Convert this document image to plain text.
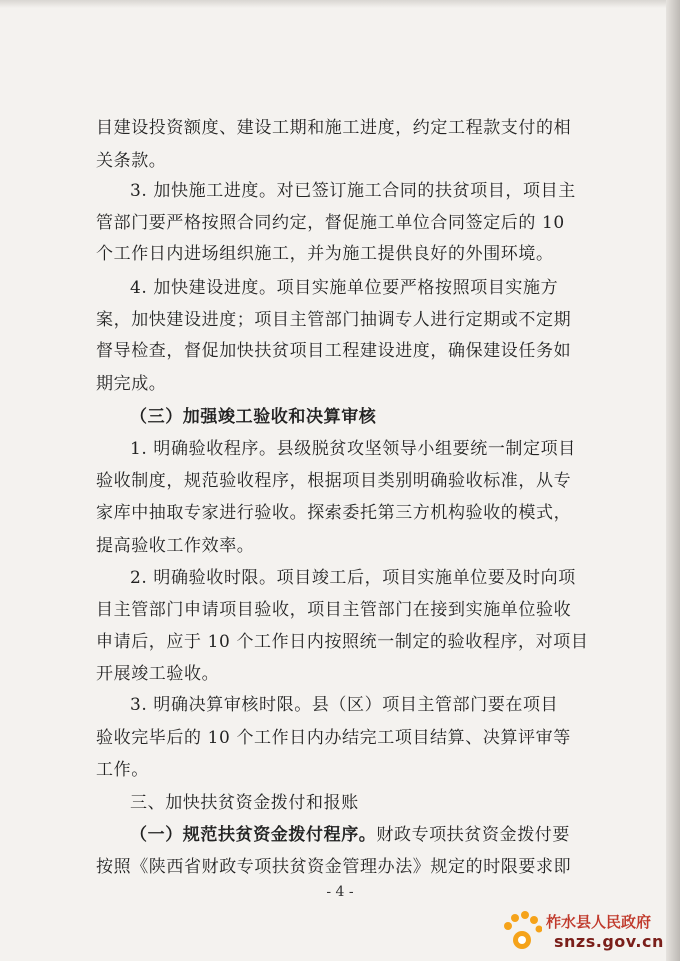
目建设投资额度、建设工期和施工进度，约定工程款支付的相
关条款。
3. 加快施工进度。对已签订施工合同的扶贫项目，项目主
管部门要严格按照合同约定，督促施工单位合同签定后的 10
个工作日内进场组织施工，并为施工提供良好的外围环境。
4. 加快建设进度。项目实施单位要严格按照项目实施方
案，加快建设进度；项目主管部门抽调专人进行定期或不定期
督导检查，督促加快扶贫项目工程建设进度，确保建设任务如
期完成。
（三）加强竣工验收和决算审核
1. 明确验收程序。县级脱贫攻坚领导小组要统一制定项目
验收制度，规范验收程序，根据项目类别明确验收标准，从专
家库中抽取专家进行验收。探索委托第三方机构验收的模式，
提高验收工作效率。
2. 明确验收时限。项目竣工后，项目实施单位要及时向项
目主管部门申请项目验收，项目主管部门在接到实施单位验收
申请后，应于 10 个工作日内按照统一制定的验收程序，对项目
开展竣工验收。
3. 明确决算审核时限。县（区）项目主管部门要在项目
验收完毕后的 10 个工作日内办结完工项目结算、决算评审等
工作。
三、加快扶贫资金拨付和报账
（一）规范扶贫资金拨付程序。财政专项扶贫资金拨付要
按照《陕西省财政专项扶贫资金管理办法》规定的时限要求即
- 4 -
柞水县人民政府
snzs.gov.cn
